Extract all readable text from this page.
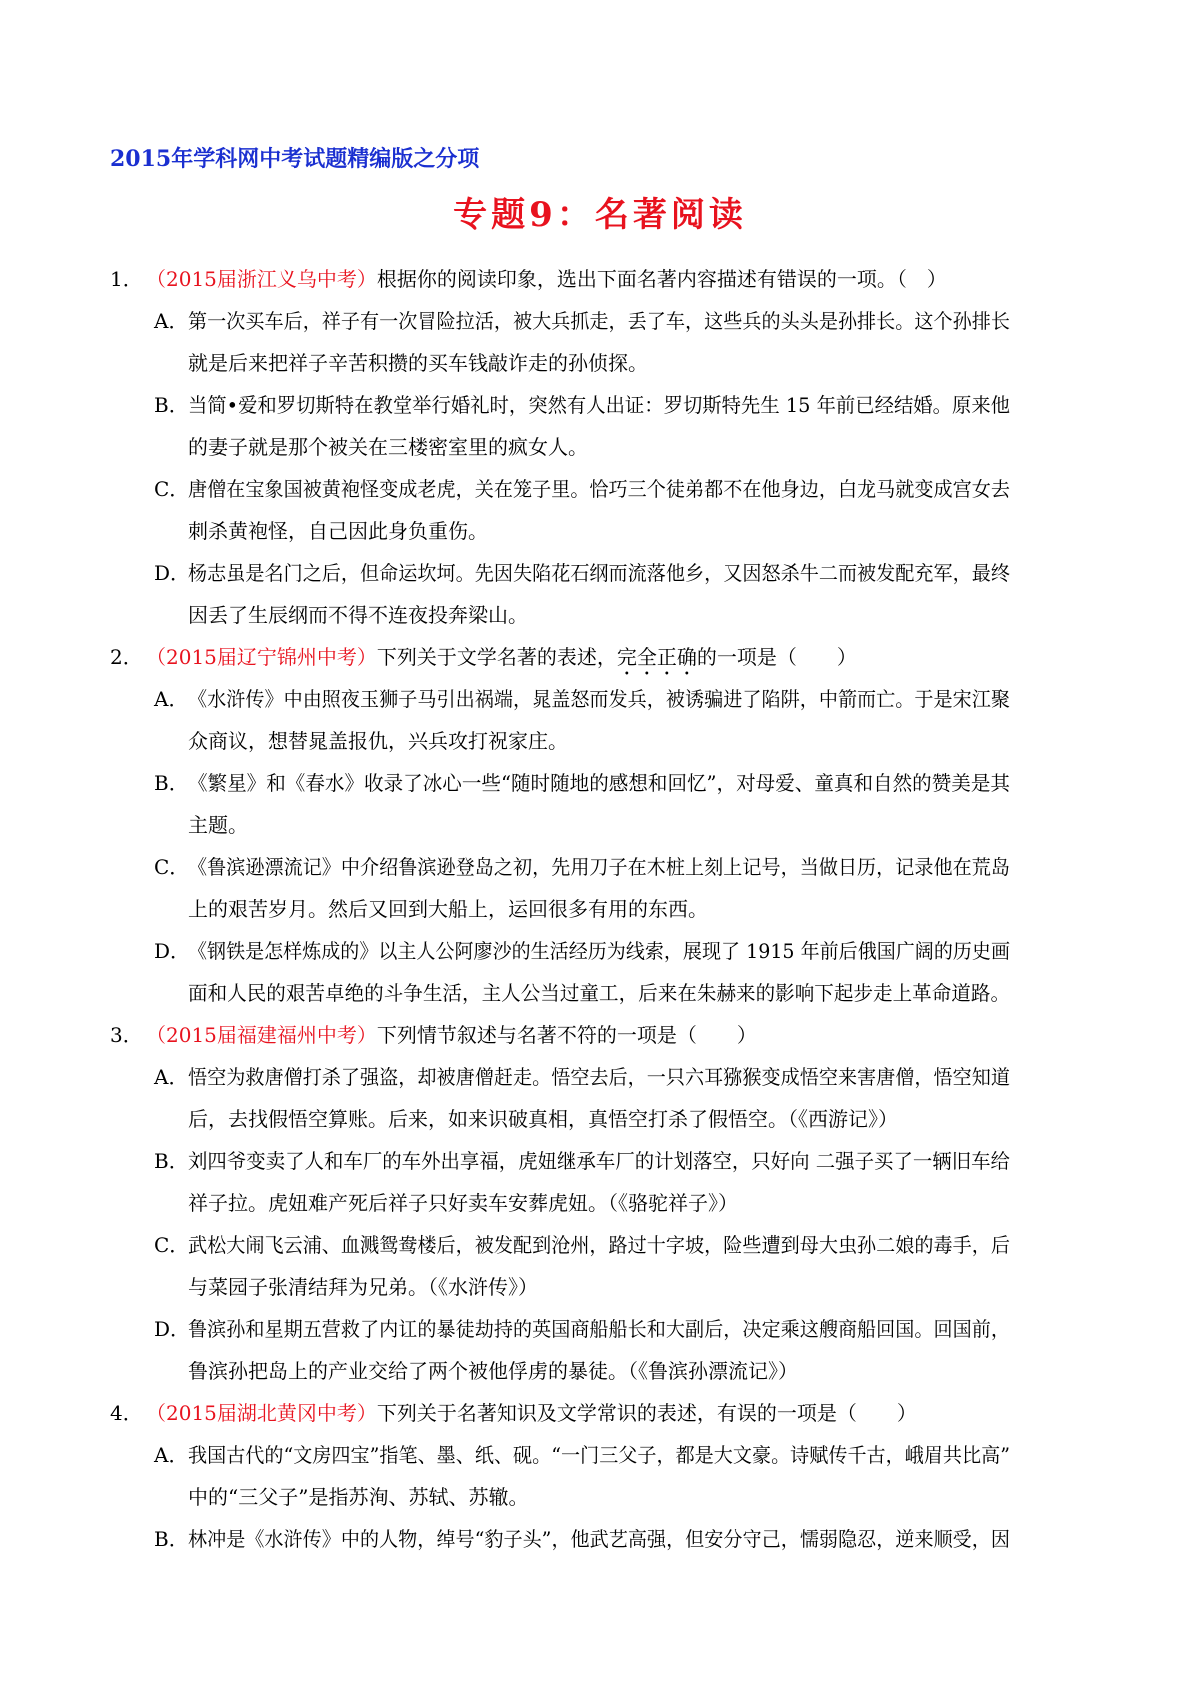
2015年学科网中考试题精编版之分项
专题9：名著阅读
1． （2015届浙江义乌中考）根据你的阅读印象，选出下面名著内容描述有错误的一项。（　）
A． 第一次买车后，祥子有一次冒险拉活，被大兵抓走，丢了车，这些兵的头头是孙排长。这个孙排长
就是后来把祥子辛苦积攒的买车钱敲诈走的孙侦探。
B． 当简•爱和罗切斯特在教堂举行婚礼时，突然有人出证：罗切斯特先生 15 年前已经结婚。原来他
的妻子就是那个被关在三楼密室里的疯女人。
C．
唐僧在宝象国被黄袍怪变成老虎，关在笼子里。恰巧三个徒弟都不在他身边，白龙马就变成宫女去
刺杀黄袍怪，自己因此身负重伤。
D．
杨志虽是名门之后，但命运坎坷。先因失陷花石纲而流落他乡，又因怒杀牛二而被发配充军，最终
因丢了生辰纲而不得不连夜投奔梁山。
2． （2015届辽宁锦州中考）下列关于文学名著的表述，完全正确的一项是（　　）
A． 《水浒传》中由照夜玉狮子马引出祸端，晁盖怒而发兵，被诱骗进了陷阱，中箭而亡。于是宋江聚
众商议，想替晁盖报仇，兴兵攻打祝家庄。
B． 《繁星》和《春水》收录了冰心一些“随时随地的感想和回忆”，对母爱、童真和自然的赞美是其
主题。
C．
《鲁滨逊漂流记》中介绍鲁滨逊登岛之初，先用刀子在木桩上刻上记号，当做日历，记录他在荒岛
上的艰苦岁月。然后又回到大船上，运回很多有用的东西。
D．
《钢铁是怎样炼成的》以主人公阿廖沙的生活经历为线索，展现了 1915 年前后俄国广阔的历史画
面和人民的艰苦卓绝的斗争生活，主人公当过童工，后来在朱赫来的影响下起步走上革命道路。
3． （2015届福建福州中考）下列情节叙述与名著不符的一项是（　　）
A． 悟空为救唐僧打杀了强盗，却被唐僧赶走。悟空去后，一只六耳猕猴变成悟空来害唐僧，悟空知道
后，去找假悟空算账。后来，如来识破真相，真悟空打杀了假悟空。（《西游记》）
B． 刘四爷变卖了人和车厂的车外出享福，虎妞继承车厂的计划落空，只好向 二强子买了一辆旧车给
祥子拉。虎妞难产死后祥子只好卖车安葬虎妞。（《骆驼祥子》）
C．
武松大闹飞云浦、血溅鸳鸯楼后，被发配到沧州，路过十字坡，险些遭到母大虫孙二娘的毒手，后
与菜园子张清结拜为兄弟。（《水浒传》）
D．
鲁滨孙和星期五营救了内讧的暴徒劫持的英国商船船长和大副后，决定乘这艘商船回国。回国前，
鲁滨孙把岛上的产业交给了两个被他俘虏的暴徒。（《鲁滨孙漂流记》）
4． （2015届湖北黄冈中考）下列关于名著知识及文学常识的表述，有误的一项是（　　）
A． 我国古代的“文房四宝”指笔、墨、纸、砚。“一门三父子，都是大文豪。诗赋传千古，峨眉共比高”
中的“三父子”是指苏洵、苏轼、苏辙。
B． 林冲是《水浒传》中的人物，绰号“豹子头”，他武艺高强，但安分守己，懦弱隐忍，逆来顺受，因
